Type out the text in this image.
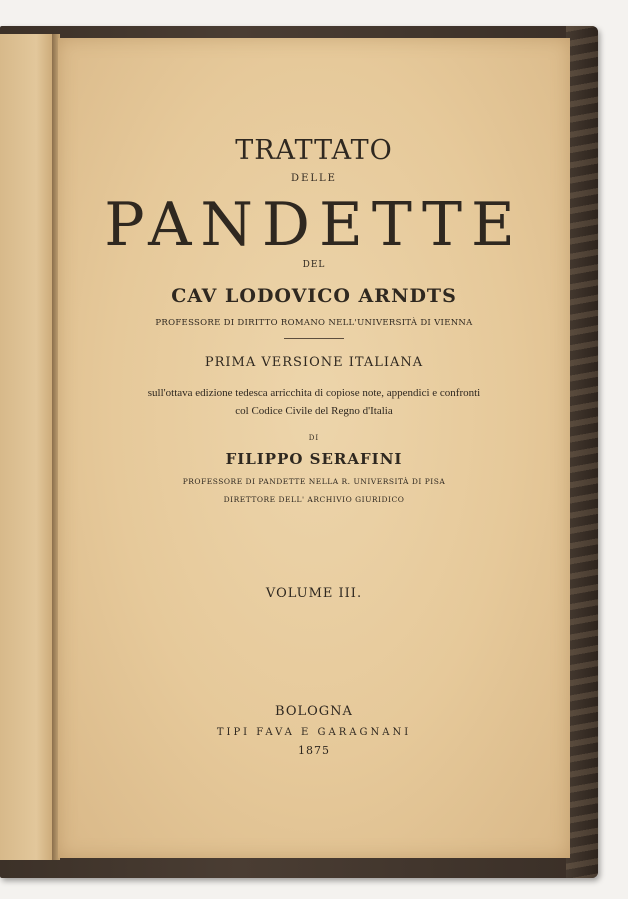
TRATTATO
DELLE
PANDETTE
DEL
CAV LODOVICO ARNDTS
PROFESSORE DI DIRITTO ROMANO NELL'UNIVERSITÀ DI VIENNA
PRIMA VERSIONE ITALIANA
sull'ottava edizione tedesca arricchita di copiose note, appendici e confronti
col Codice Civile del Regno d'Italia
DI
FILIPPO SERAFINI
PROFESSORE DI PANDETTE NELLA R. UNIVERSITÀ DI PISA
DIRETTORE DELL' ARCHIVIO GIURIDICO
VOLUME III.
BOLOGNA
TIPI FAVA E GARAGNANI
1875
